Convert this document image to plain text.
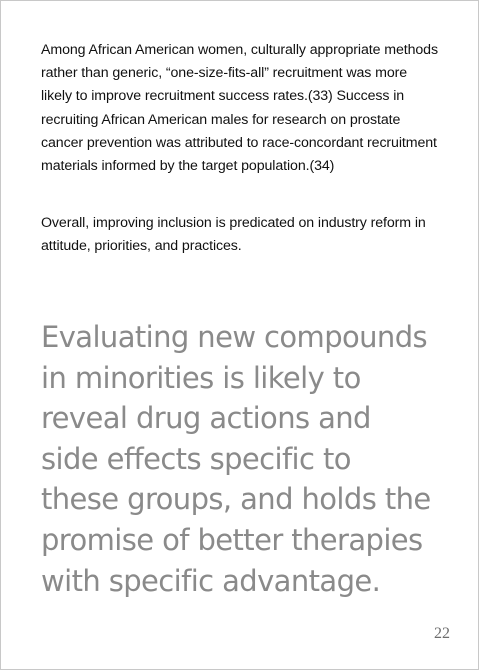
Among African American women, culturally appropriate methods rather than generic, “one-size-fits-all” recruitment was more likely to improve recruitment success rates.(33) Success in recruiting African American males for research on prostate cancer prevention was attributed to race-concordant recruitment materials informed by the target population.(34)

Overall, improving inclusion is predicated on industry reform in attitude, priorities, and practices.

Evaluating new compounds
in minorities is likely to
reveal drug actions and
side effects specific to
these groups, and holds the
promise of better therapies
with specific advantage.
22
